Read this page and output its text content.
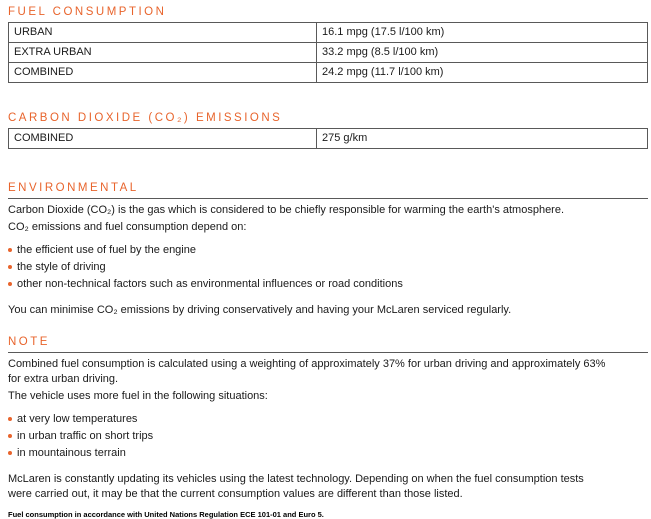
FUEL CONSUMPTION
URBAN	16.1 mpg (17.5 l/100 km)
EXTRA URBAN	33.2 mpg (8.5 l/100 km)
COMBINED	24.2 mpg (11.7 l/100 km)
CARBON DIOXIDE (CO₂) EMISSIONS
COMBINED	275 g/km
ENVIRONMENTAL

Carbon Dioxide (CO₂) is the gas which is considered to be chiefly responsible for warming the earth's atmosphere.

CO₂ emissions and fuel consumption depend on:

the efficient use of fuel by the engine
the style of driving
other non-technical factors such as environmental influences or road conditions

You can minimise CO₂ emissions by driving conservatively and having your McLaren serviced regularly.

NOTE

Combined fuel consumption is calculated using a weighting of approximately 37% for urban driving and approximately 63% for extra urban driving.

The vehicle uses more fuel in the following situations:

at very low temperatures
in urban traffic on short trips
in mountainous terrain

McLaren is constantly updating its vehicles using the latest technology. Depending on when the fuel consumption tests were carried out, it may be that the current consumption values are different than those listed.

Fuel consumption in accordance with United Nations Regulation ECE 101-01 and Euro 5.
